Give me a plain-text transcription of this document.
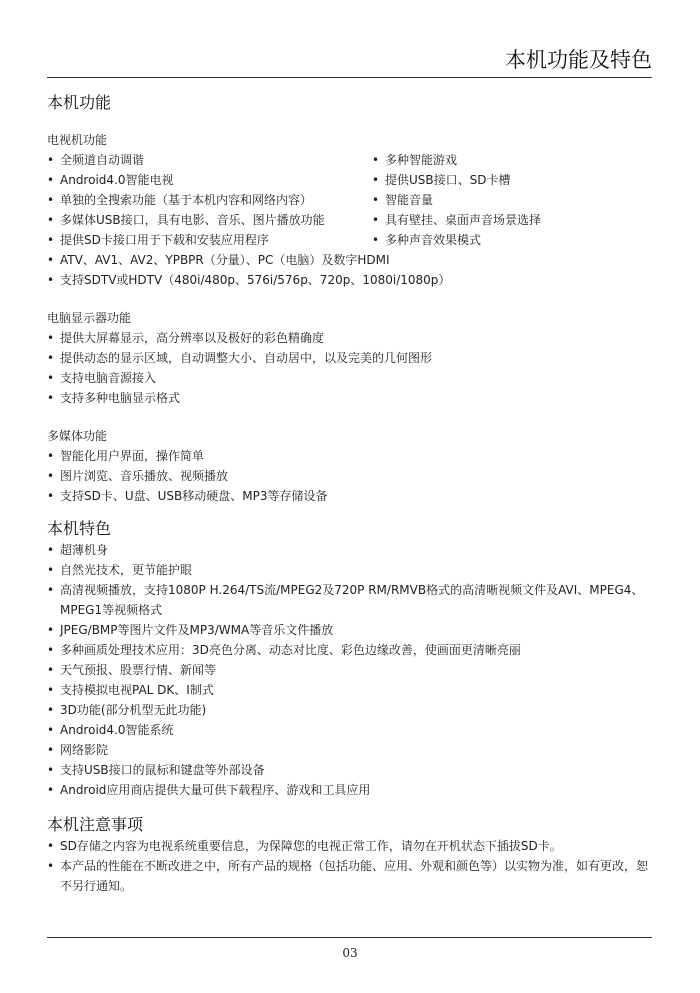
本机功能及特色
本机功能
电视机功能
• 全频道自动调谐
• Android4.0智能电视
• 单独的全搜索功能（基于本机内容和网络内容）
• 多媒体USB接口，具有电影、音乐、图片播放功能
• 提供SD卡接口用于下载和安装应用程序
• 多种智能游戏
• 提供USB接口、SD卡槽
• 智能音量
• 具有壁挂、桌面声音场景选择
• 多种声音效果模式
• ATV、AV1、AV2、YPBPR（分量）、PC（电脑）及数字HDMI
• 支持SDTV或HDTV（480i/480p、576i/576p、720p、1080i/1080p）
电脑显示器功能
• 提供大屏幕显示，高分辨率以及极好的彩色精确度
• 提供动态的显示区域，自动调整大小、自动居中，以及完美的几何图形
• 支持电脑音源接入
• 支持多种电脑显示格式
多媒体功能
• 智能化用户界面，操作简单
• 图片浏览、音乐播放、视频播放
• 支持SD卡、U盘、USB移动硬盘、MP3等存储设备
本机特色
• 超薄机身
• 自然光技术，更节能护眼
• 高清视频播放，支持1080P H.264/TS流/MPEG2及720P RM/RMVB格式的高清晰视频文件及AVI、MPEG4、MPEG1等视频格式
• JPEG/BMP等图片文件及MP3/WMA等音乐文件播放
• 多种画质处理技术应用：3D亮色分离、动态对比度、彩色边缘改善，使画面更清晰亮丽
• 天气预报、股票行情、新闻等
• 支持模拟电视PAL DK、I制式
• 3D功能(部分机型无此功能)
• Android4.0智能系统
• 网络影院
• 支持USB接口的鼠标和键盘等外部设备
• Android应用商店提供大量可供下载程序、游戏和工具应用
本机注意事项
• SD存储之内容为电视系统重要信息，为保障您的电视正常工作，请勿在开机状态下插拔SD卡。
• 本产品的性能在不断改进之中，所有产品的规格（包括功能、应用、外观和颜色等）以实物为准，如有更改，恕不另行通知。
03
